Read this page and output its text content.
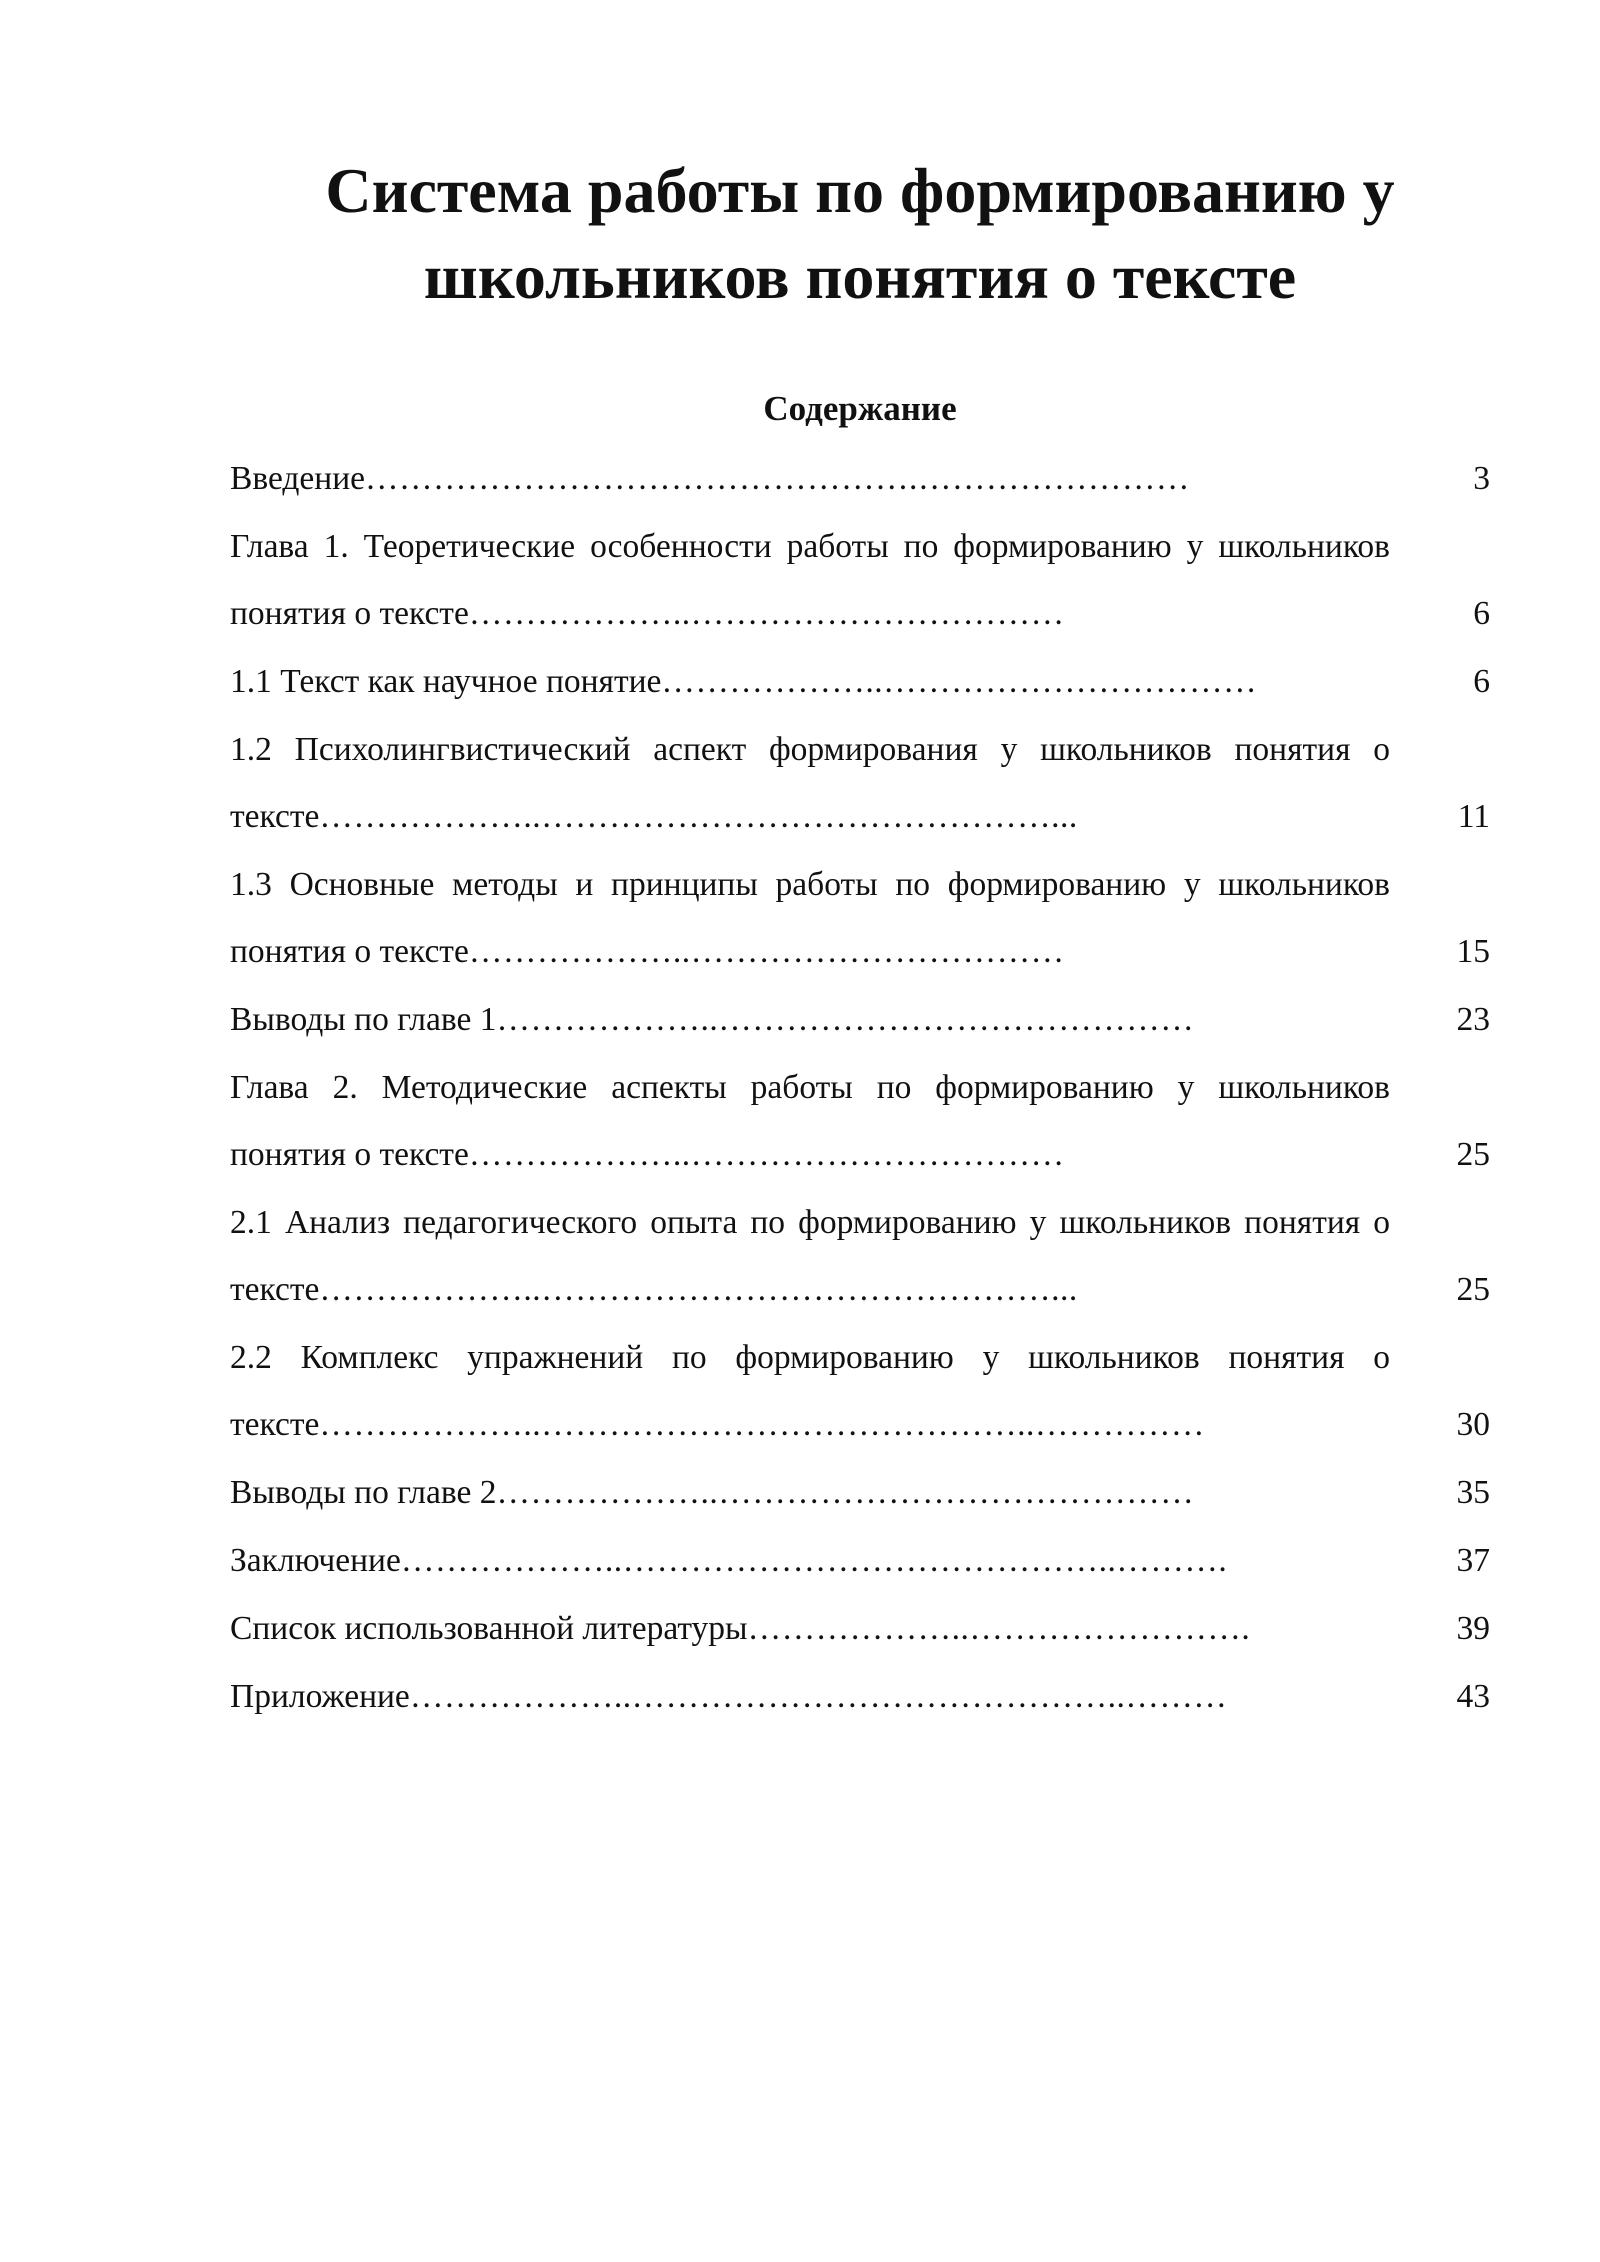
Система работы по формированию у школьников понятия о тексте
Содержание
Введение………………………………………….……………………	3
Глава 1. Теоретические особенности работы по формированию у школьников понятия о тексте………………..……………………………	6
1.1 Текст как научное понятие………………..……………………………	6
1.2 Психолингвистический аспект формирования у школьников понятия о тексте………………..………………………………………...	11
1.3 Основные методы и принципы работы по формированию у школьников понятия о тексте………………..……………………………	15
Выводы по главе 1………………..……………………………………	23
Глава 2. Методические аспекты работы по формированию у школьников понятия о тексте………………..……………………………	25
2.1 Анализ педагогического опыта по формированию у школьников понятия о тексте………………..………………………………………...	25
2.2 Комплекс упражнений по формированию у школьников понятия о тексте………………..……………………………………..……………	30
Выводы по главе 2………………..……………………………………	35
Заключение………………..……………………………………..……….	37
Список использованной литературы………………..…………………….	39
Приложение………………..……………………………………..………	43
